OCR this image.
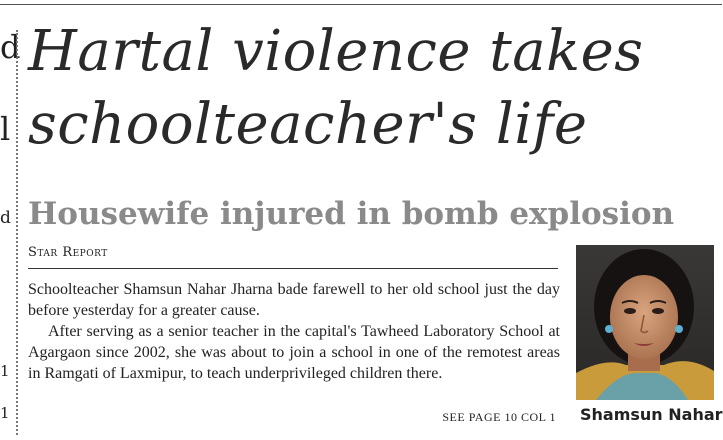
d
l
d
1
1
Hartal violence takes
schoolteacher's life
Housewife injured in bomb explosion
Star Report

Schoolteacher Shamsun Nahar Jharna bade farewell to her old school just the day before yesterday for a greater cause.

After serving as a senior teacher in the capital's Tawheed Laboratory School at Agargaon since 2002, she was about to join a school in one of the remotest areas in Ramgati of Laxmipur, to teach underprivileged children there.

SEE PAGE 10 COL 1 Shamsun Nahar
